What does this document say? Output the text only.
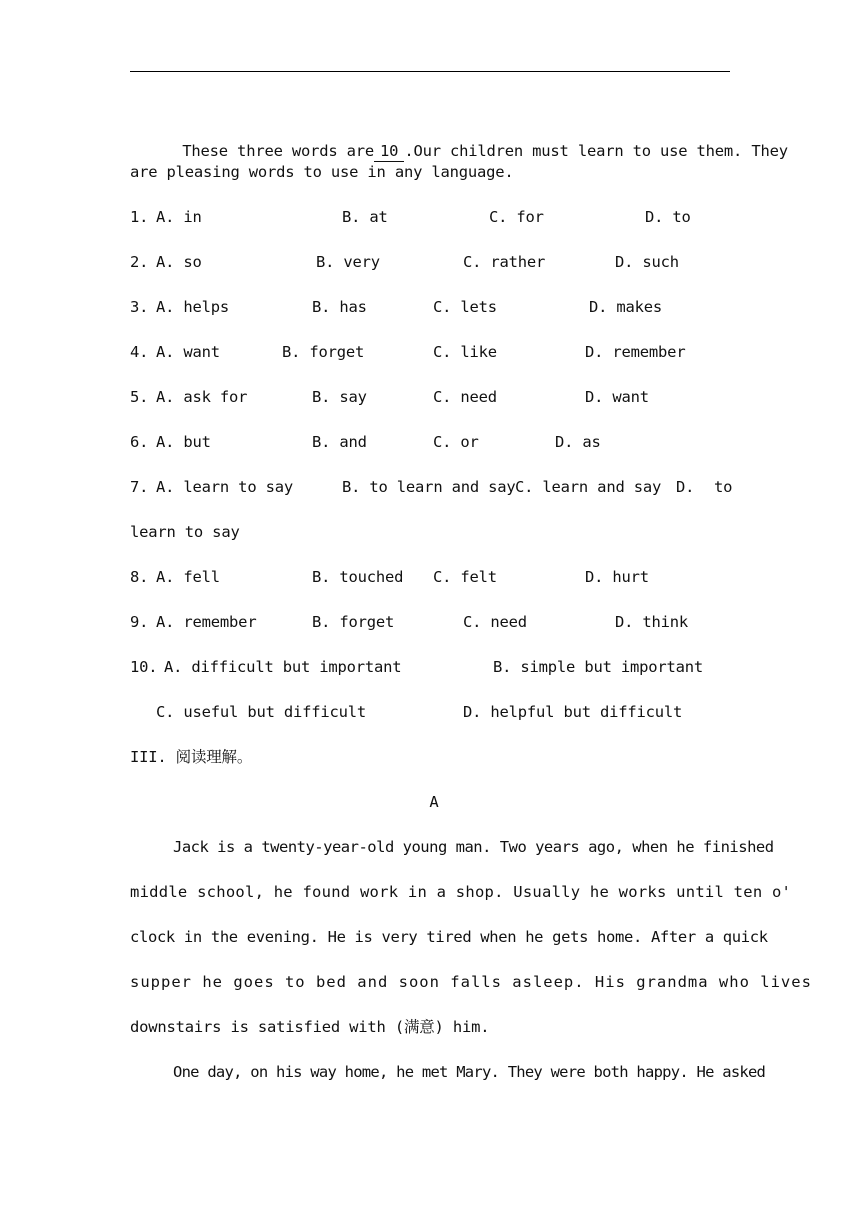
These three words are 10 .Our children must learn to use them. They

are pleasing words to use in any language.

1.

A. in

	B. at

	C. for

	D. to

2.

A. so

	B. very

	C. rather

	D. such

3.

A. helps

	B. has

	C. lets

	D. makes

4.

A. want

	B. forget

	C. like

	D. remember

5.

A. ask for

	B. say

	C. need

	D. want

6.

A. but

	B. and

	C. or

	D. as

7.

A. learn to say

	B. to learn and say

C. learn and say

D.

to

learn to say

8.

A. fell

	B. touched

C. felt

	D. hurt

9.

A. remember

	B. forget

	C. need

	D. think

10.

A. difficult but important

	B. simple but important

C. useful but difficult

	D. helpful but difficult

III. 阅读理解。
A
Jack is a twenty-year-old young man. Two years ago, when he finished
middle school, he found work in a shop. Usually he works until ten o'
clock in the evening. He is very tired when he gets home. After a quick
supper he goes to bed and soon falls asleep. His grandma who lives
downstairs is satisfied with (满意) him.
One day, on his way home, he met Mary. They were both happy. He asked
